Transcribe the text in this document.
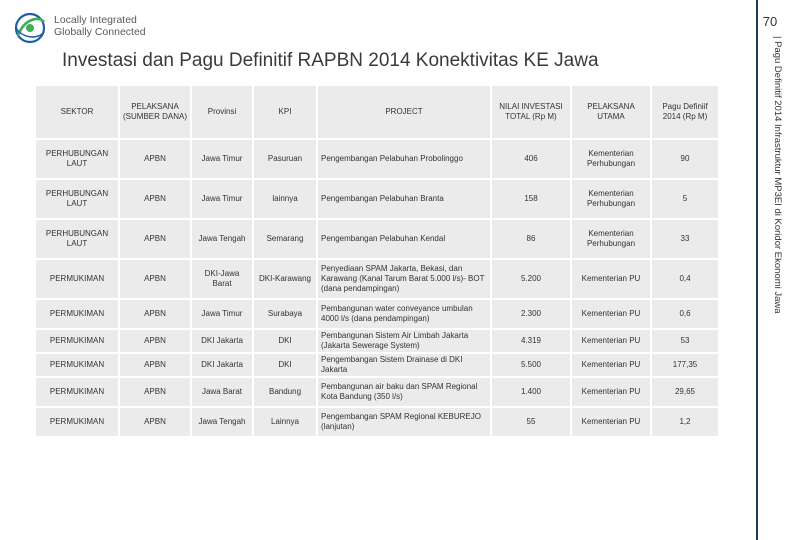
Locally Integrated
Globally Connected
Investasi dan Pagu Definitif RAPBN 2014 Konektivitas KE Jawa
70
| Pagu Definitif 2014 Infrastruktur MP3EI di Koridor Ekonomi Jawa
SEKTOR	PELAKSANA (SUMBER DANA)	Provinsi	KPI	PROJECT	NILAI INVESTASI TOTAL (Rp M)	PELAKSANA UTAMA	Pagu Definiif 2014 (Rp M)
PERHUBUNGAN LAUT	APBN	Jawa Timur	Pasuruan	Pengembangan Pelabuhan Probolinggo	406	Kementerian Perhubungan	90
PERHUBUNGAN LAUT	APBN	Jawa Timur	lainnya	Pengembangan Pelabuhan Branta	158	Kementerian Perhubungan	5
PERHUBUNGAN LAUT	APBN	Jawa Tengah	Semarang	Pengembangan Pelabuhan Kendal	86	Kementerian Perhubungan	33
PERMUKIMAN	APBN	DKI-Jawa Barat	DKI-Karawang	Penyediaan SPAM Jakarta, Bekasi, dan Karawang (Kanal Tarum Barat 5.000 l/s)- BOT (dana pendampingan)	5.200	Kementerian PU	0,4
PERMUKIMAN	APBN	Jawa Timur	Surabaya	Pembangunan water conveyance umbulan 4000 l/s (dana pendampingan)	2.300	Kementerian PU	0,6
PERMUKIMAN	APBN	DKI Jakarta	DKI	Pembangunan Sistem Air Limbah Jakarta (Jakarta Sewerage System)	4.319	Kementerian PU	53
PERMUKIMAN	APBN	DKI Jakarta	DKI	Pengembangan Sistem Drainase di DKI Jakarta	5.500	Kementerian PU	177,35
PERMUKIMAN	APBN	Jawa Barat	Bandung	Pembangunan air baku dan SPAM Regional Kota Bandung (350 l/s)	1.400	Kementerian PU	29,65
PERMUKIMAN	APBN	Jawa Tengah	Lainnya	Pengembangan SPAM Regional KEBUREJO (lanjutan)	55	Kementerian PU	1,2
